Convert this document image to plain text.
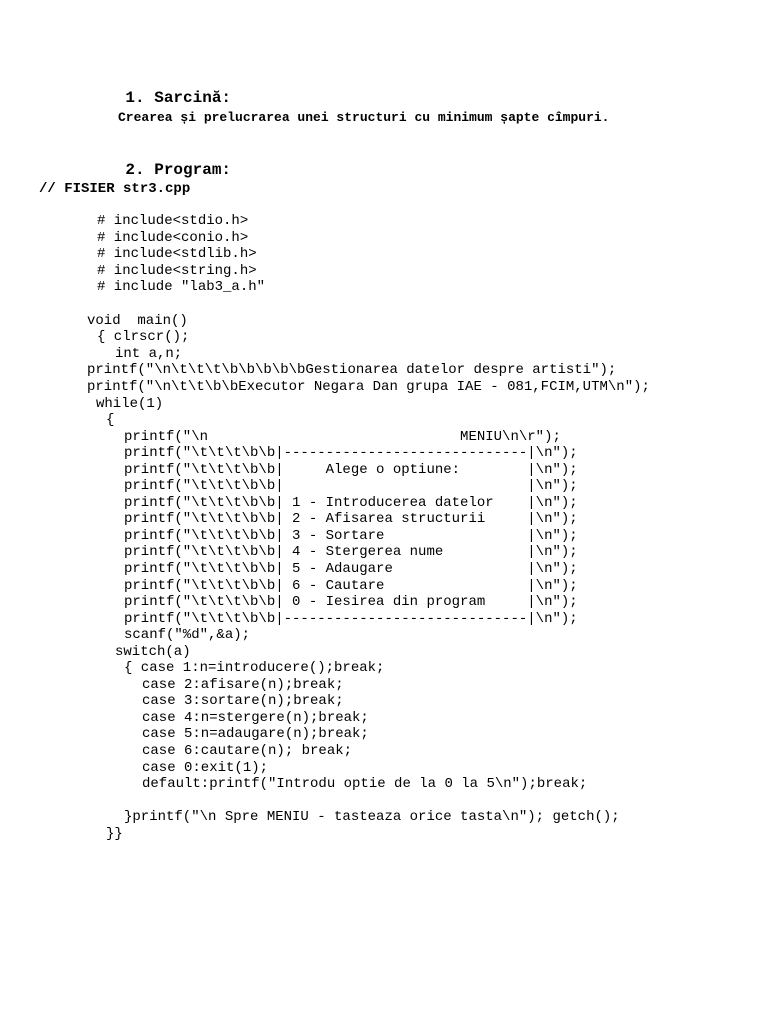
1. Sarcină:

Crearea și prelucrarea unei structuri cu minimum șapte cîmpuri.

2. Program:

// FISIER str3.cpp
# include<stdio.h>
# include<conio.h>
# include<stdlib.h>
# include<string.h>
# include "lab3_a.h"
void  main()
{ clrscr();
int a,n;
printf("\n\t\t\t\b\b\b\b\bGestionarea datelor despre artisti");
printf("\n\t\t\b\bExecutor Negara Dan grupa IAE - 081,FCIM,UTM\n");
while(1)
{
printf("\n                              MENIU\n\r");
printf("\t\t\t\b\b|-----------------------------|\n");
printf("\t\t\t\b\b|     Alege o optiune:        |\n");
printf("\t\t\t\b\b|                             |\n");
printf("\t\t\t\b\b| 1 - Introducerea datelor    |\n");
printf("\t\t\t\b\b| 2 - Afisarea structurii     |\n");
printf("\t\t\t\b\b| 3 - Sortare                 |\n");
printf("\t\t\t\b\b| 4 - Stergerea nume          |\n");
printf("\t\t\t\b\b| 5 - Adaugare                |\n");
printf("\t\t\t\b\b| 6 - Cautare                 |\n");
printf("\t\t\t\b\b| 0 - Iesirea din program     |\n");
printf("\t\t\t\b\b|-----------------------------|\n");
scanf("%d",&a);
switch(a)
{ case 1:n=introducere();break;
case 2:afisare(n);break;
case 3:sortare(n);break;
case 4:n=stergere(n);break;
case 5:n=adaugare(n);break;
case 6:cautare(n); break;
case 0:exit(1);
default:printf("Introdu optie de la 0 la 5\n");break;
}printf("\n Spre MENIU - tasteaza orice tasta\n"); getch();
}}
